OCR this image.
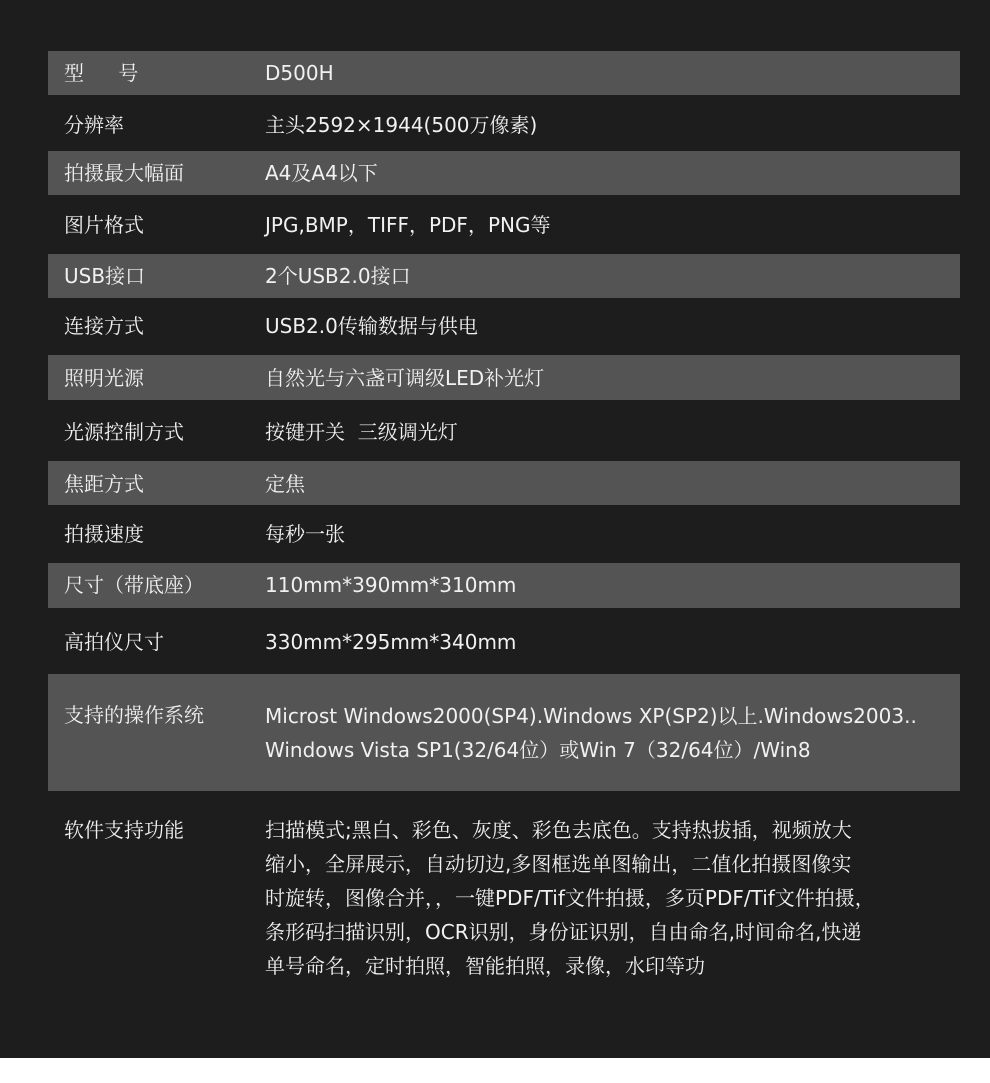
型 号	D500H
分辨率	主头2592×1944(500万像素)
拍摄最大幅面	A4及A4以下
图片格式	JPG,BMP，TIFF，PDF，PNG等
USB接口	2个USB2.0接口
连接方式	USB2.0传输数据与供电
照明光源	自然光与六盏可调级LED补光灯
光源控制方式	按键开关  三级调光灯
焦距方式	定焦
拍摄速度	每秒一张
尺寸（带底座）	110mm*390mm*310mm
高拍仪尺寸	330mm*295mm*340mm
支持的操作系统	Microst Windows2000(SP4).Windows XP(SP2)以上.Windows2003..
Windows Vista SP1(32/64位）或Win 7（32/64位）/Win8
软件支持功能	扫描模式;黑白、彩色、灰度、彩色去底色。支持热拔插，视频放大
缩小，全屏展示，自动切边,多图框选单图输出，二值化拍摄图像实
时旋转，图像合并，，一键PDF/Tif文件拍摄，多页PDF/Tif文件拍摄，
条形码扫描识别，OCR识别，身份证识别，自由命名,时间命名,快递
单号命名，定时拍照，智能拍照，录像，水印等功
